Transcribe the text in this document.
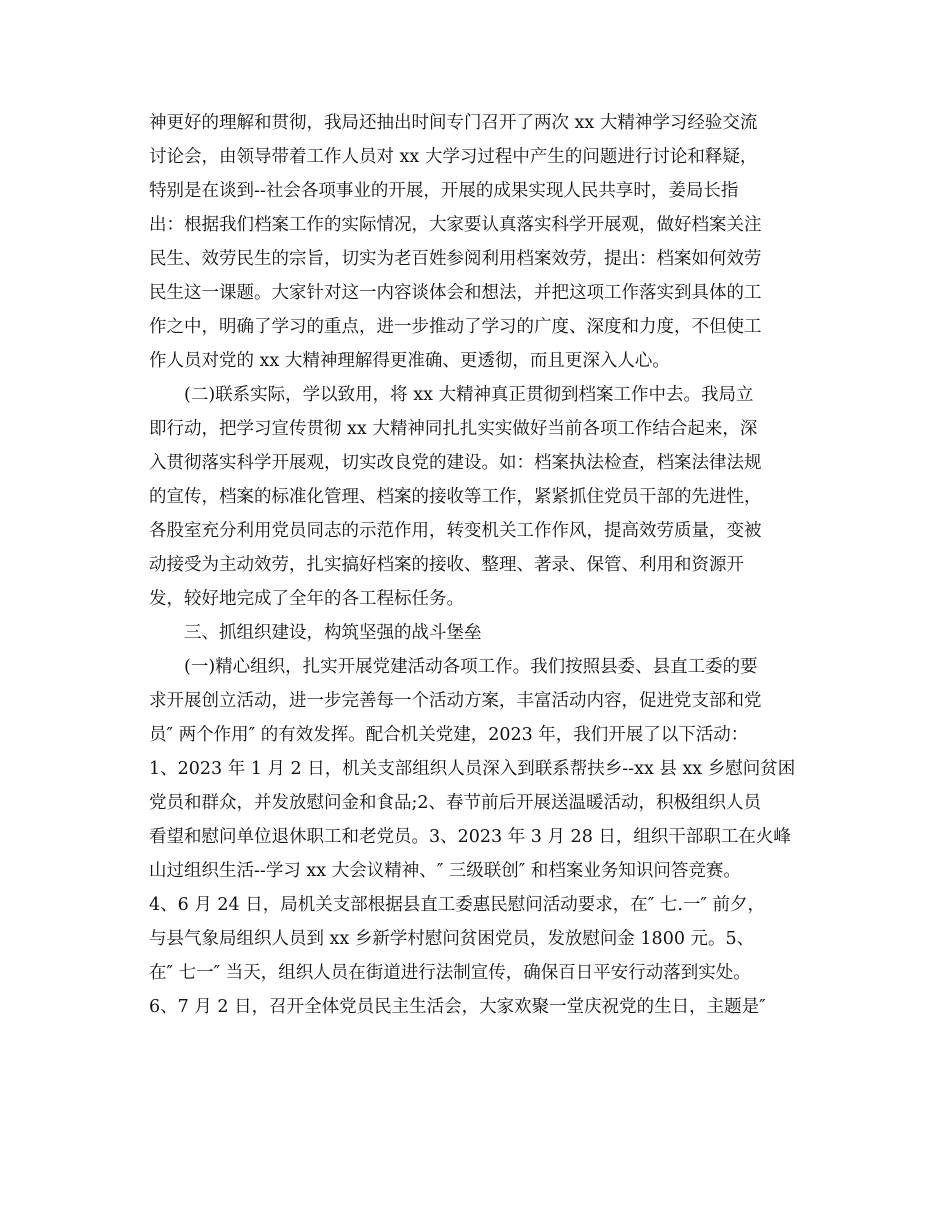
神更好的理解和贯彻，我局还抽出时间专门召开了两次 xx 大精神学习经验交流
讨论会，由领导带着工作人员对 xx 大学习过程中产生的问题进行讨论和释疑，
特别是在谈到--社会各项事业的开展，开展的成果实现人民共享时，姜局长指
出：根据我们档案工作的实际情况，大家要认真落实科学开展观，做好档案关注
民生、效劳民生的宗旨，切实为老百姓参阅利用档案效劳，提出：档案如何效劳
民生这一课题。大家针对这一内容谈体会和想法，并把这项工作落实到具体的工
作之中，明确了学习的重点，进一步推动了学习的广度、深度和力度，不但使工
作人员对党的 xx 大精神理解得更准确、更透彻，而且更深入人心。
(二)联系实际，学以致用，将 xx 大精神真正贯彻到档案工作中去。我局立
即行动，把学习宣传贯彻 xx 大精神同扎扎实实做好当前各项工作结合起来，深
入贯彻落实科学开展观，切实改良党的建设。如：档案执法检查，档案法律法规
的宣传，档案的标准化管理、档案的接收等工作，紧紧抓住党员干部的先进性，
各股室充分利用党员同志的示范作用，转变机关工作作风，提高效劳质量，变被
动接受为主动效劳，扎实搞好档案的接收、整理、著录、保管、利用和资源开
发，较好地完成了全年的各工程标任务。
三、抓组织建设，构筑坚强的战斗堡垒
(一)精心组织，扎实开展党建活动各项工作。我们按照县委、县直工委的要
求开展创立活动，进一步完善每一个活动方案，丰富活动内容，促进党支部和党
员″ 两个作用″ 的有效发挥。配合机关党建，2023 年，我们开展了以下活动：
1、2023 年 1 月 2 日，机关支部组织人员深入到联系帮扶乡--xx 县 xx 乡慰问贫困
党员和群众，并发放慰问金和食品;2、春节前后开展送温暖活动，积极组织人员
看望和慰问单位退休职工和老党员。3、2023 年 3 月 28 日，组织干部职工在火峰
山过组织生活--学习 xx 大会议精神、″ 三级联创″ 和档案业务知识问答竞赛。
4、6 月 24 日，局机关支部根据县直工委惠民慰问活动要求，在″ 七.一″ 前夕，
与县气象局组织人员到 xx 乡新学村慰问贫困党员，发放慰问金 1800 元。5、
在″ 七一″ 当天，组织人员在街道进行法制宣传，确保百日平安行动落到实处。
6、7 月 2 日，召开全体党员民主生活会，大家欢聚一堂庆祝党的生日，主题是″
